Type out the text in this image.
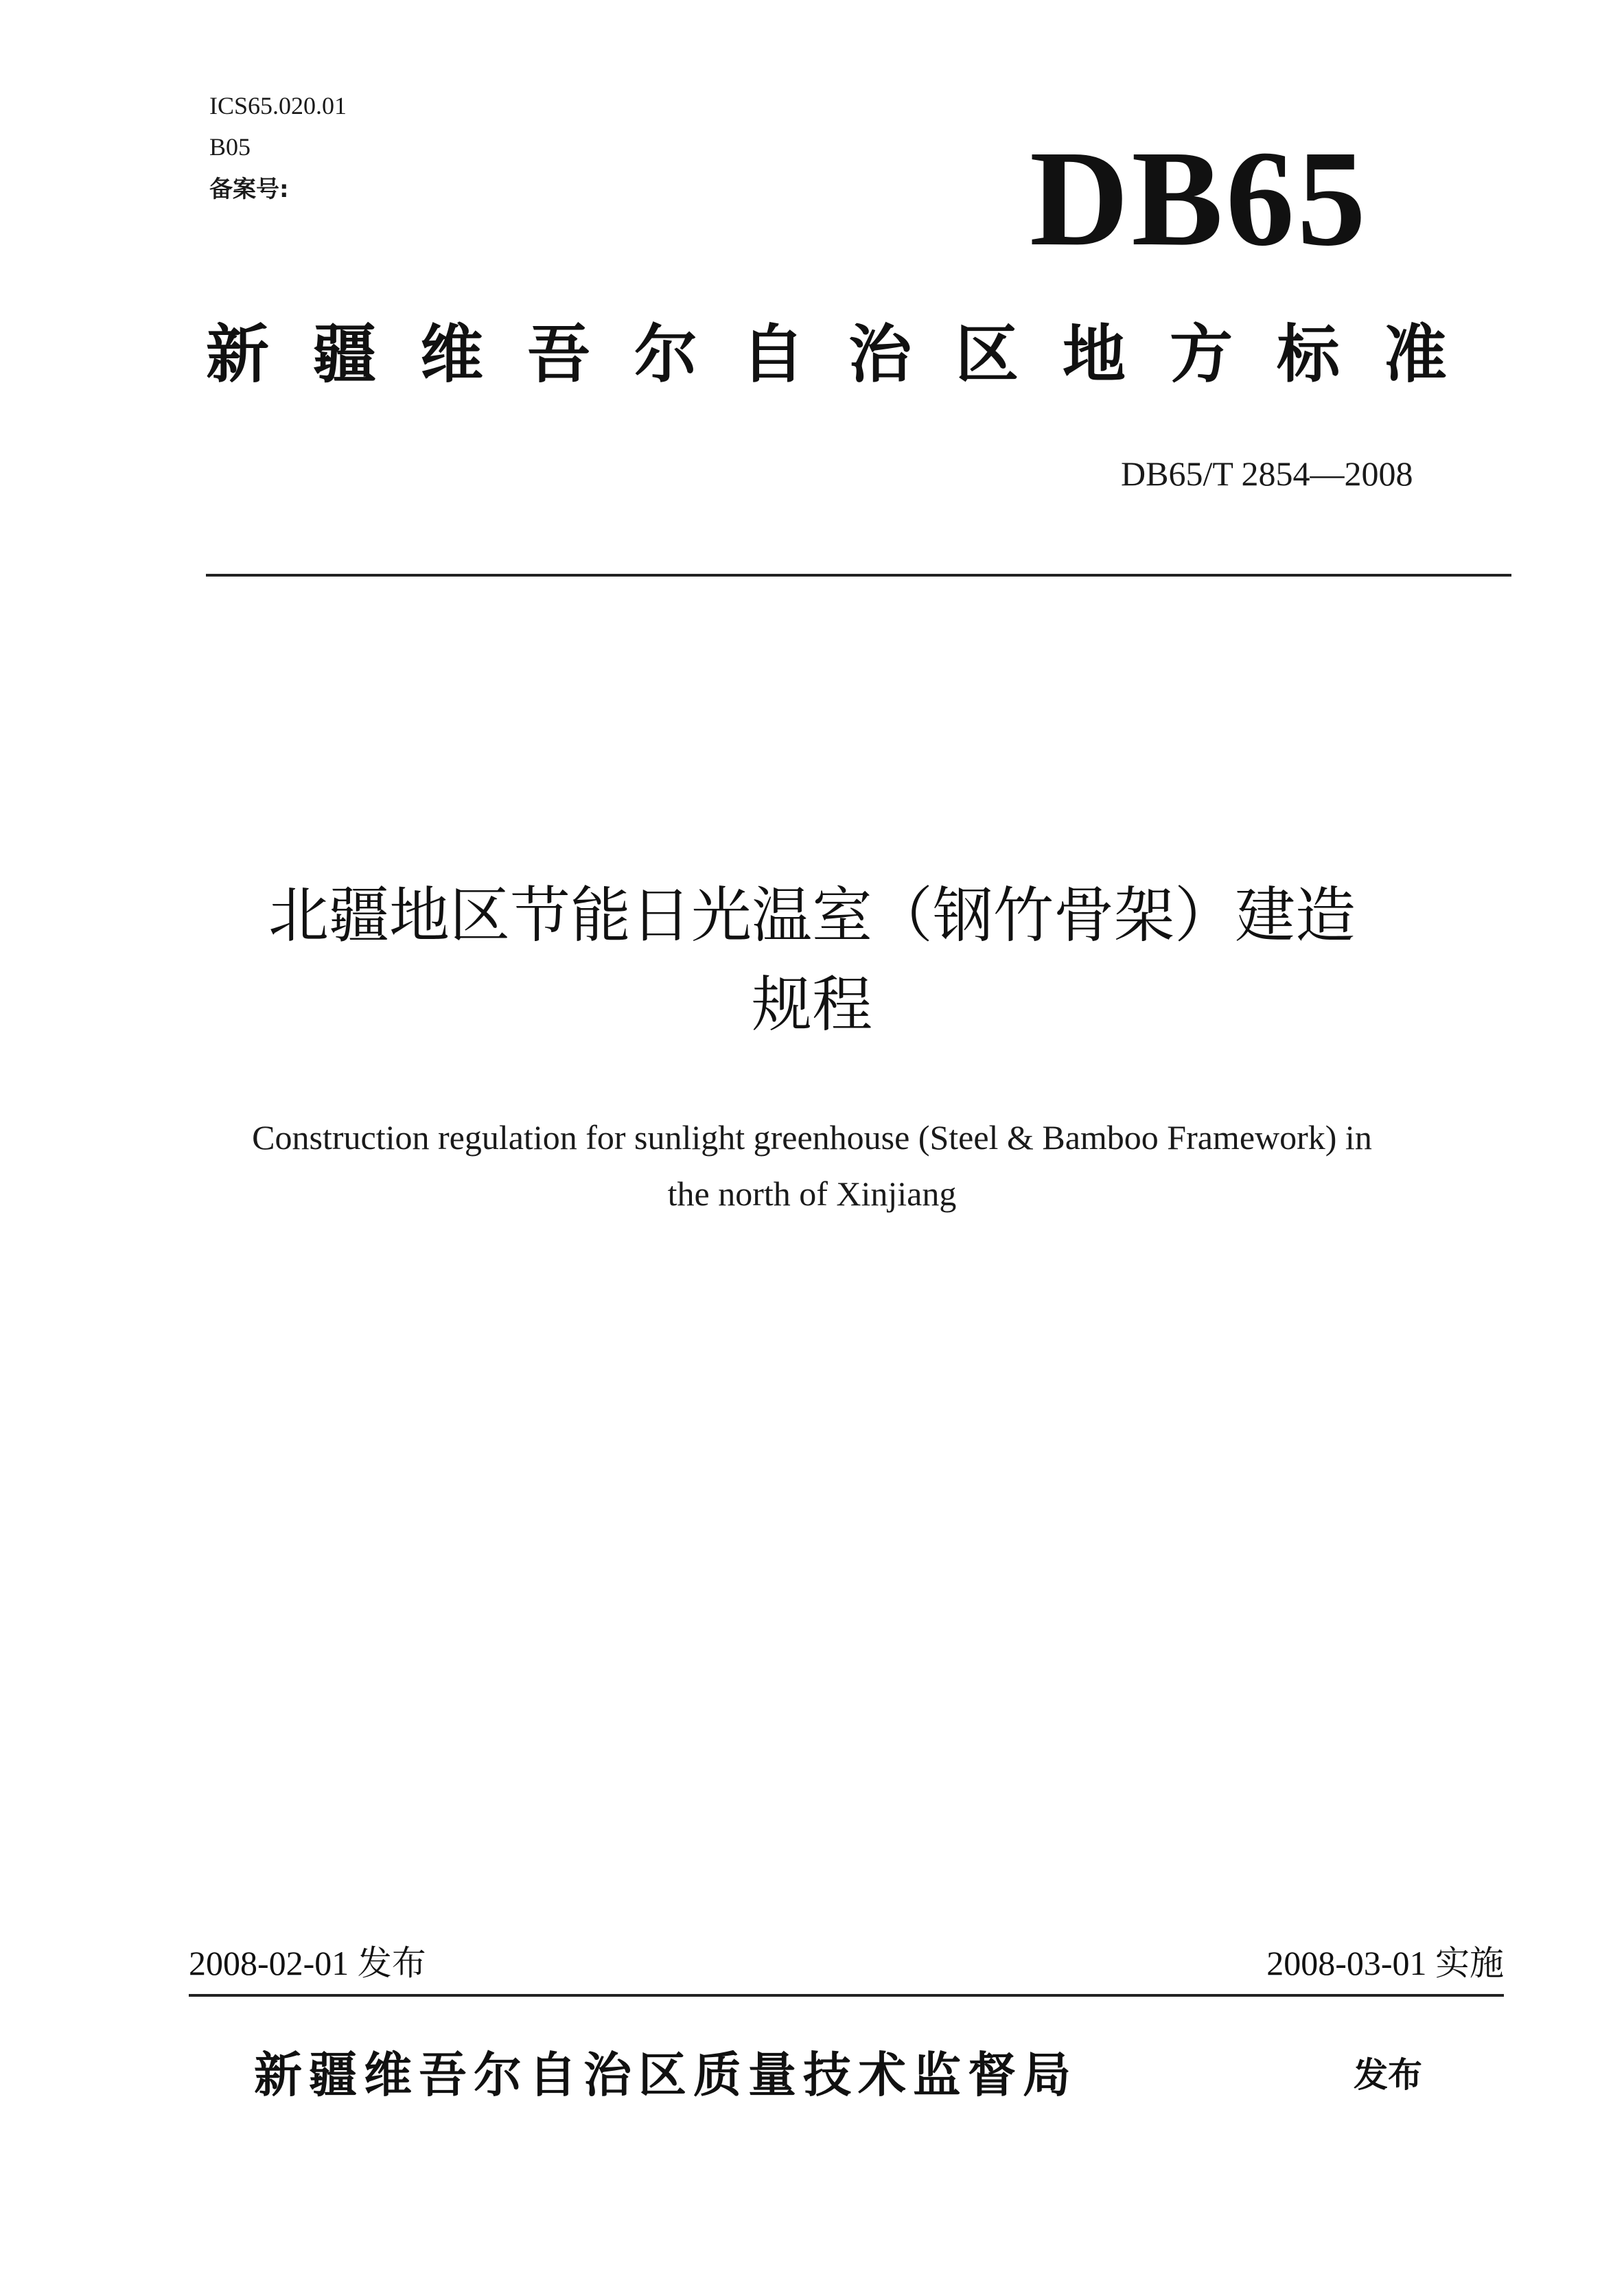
ICS65.020.01
B05
备案号:	DB65
新疆维吾尔自治区地方标准
DB65/T 2854—2008
北疆地区节能日光温室（钢竹骨架）建造
规程
Construction regulation for sunlight greenhouse (Steel & Bamboo Framework) in
the north of Xinjiang
2008-02-01 发布	2008-03-01 实施
新疆维吾尔自治区质量技术监督局	发布
